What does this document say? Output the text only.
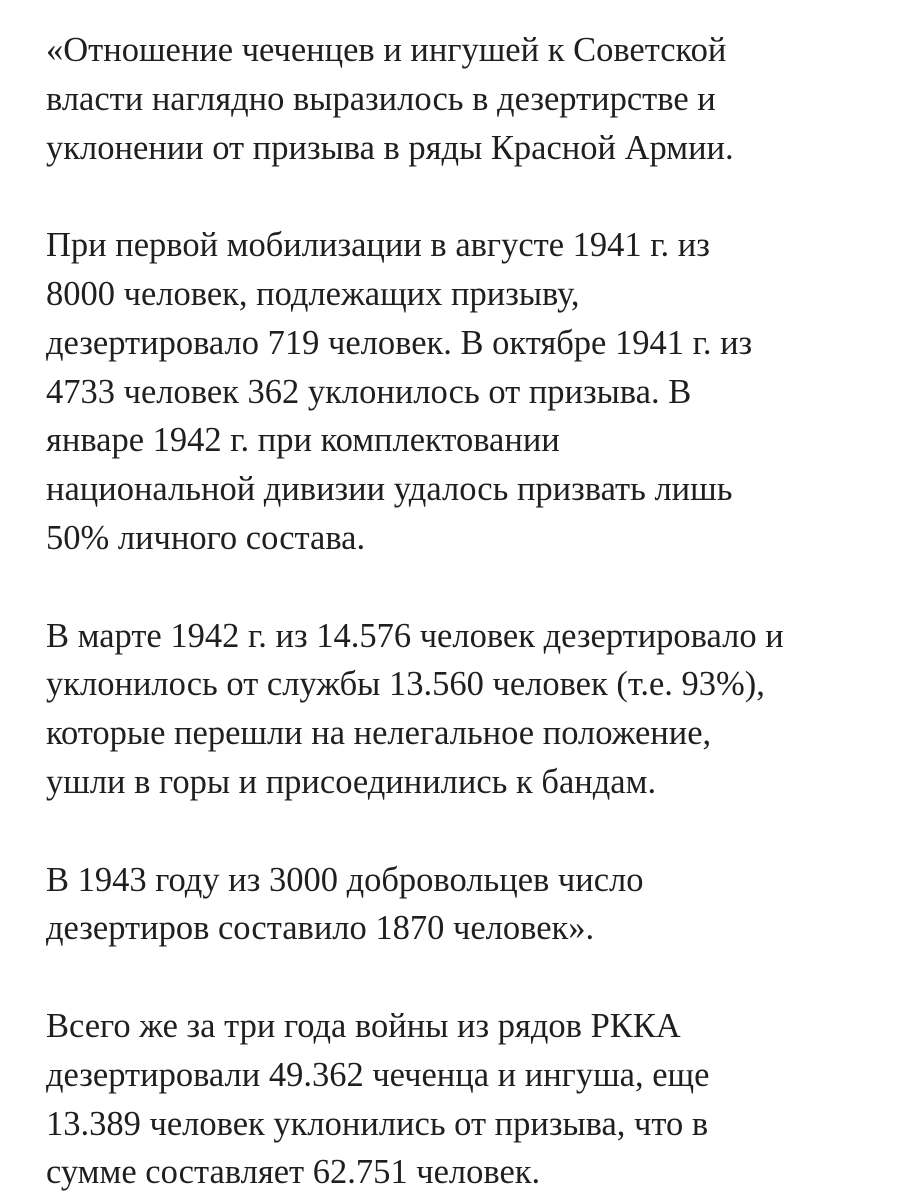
«Отношение чеченцев и ингушей к Советской
власти наглядно выразилось в дезертирстве и
уклонении от призыва в ряды Красной Армии.

При первой мобилизации в августе 1941 г. из
8000 человек, подлежащих призыву,
дезертировало 719 человек. В октябре 1941 г. из
4733 человек 362 уклонилось от призыва. В
январе 1942 г. при комплектовании
национальной дивизии удалось призвать лишь
50% личного состава.

В марте 1942 г. из 14.576 человек дезертировало и
уклонилось от службы 13.560 человек (т.е. 93%),
которые перешли на нелегальное положение,
ушли в горы и присоединились к бандам.

В 1943 году из 3000 добровольцев число
дезертиров составило 1870 человек».

Всего же за три года войны из рядов РККА
дезертировали 49.362 чеченца и ингуша, еще
13.389 человек уклонились от призыва, что в
сумме составляет 62.751 человек.
